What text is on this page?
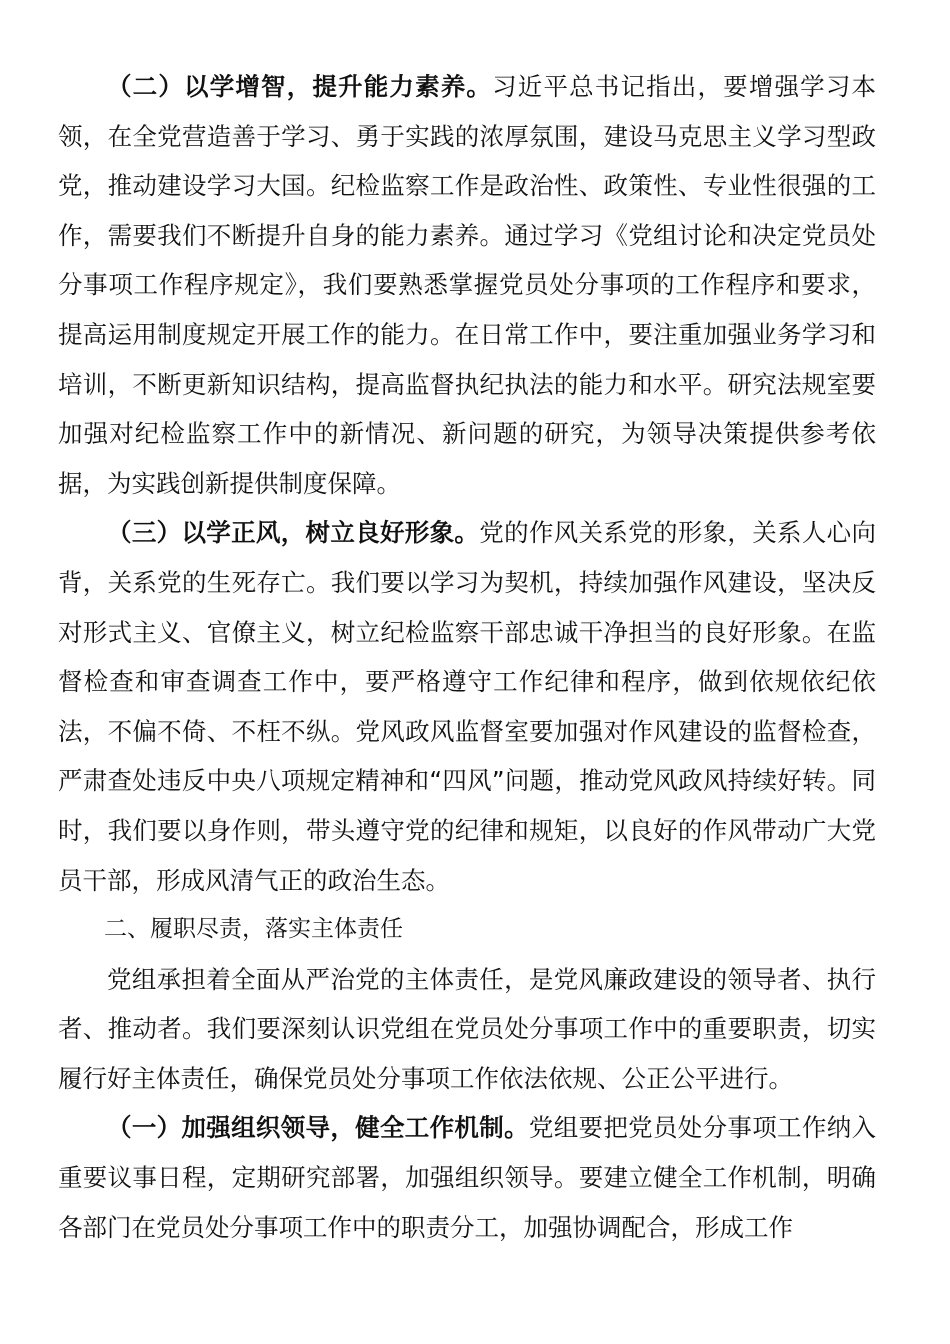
（二）以学增智，提升能力素养。习近平总书记指出，要增强学习本领，在全党营造善于学习、勇于实践的浓厚氛围，建设马克思主义学习型政党，推动建设学习大国。纪检监察工作是政治性、政策性、专业性很强的工作，需要我们不断提升自身的能力素养。通过学习《党组讨论和决定党员处分事项工作程序规定》，我们要熟悉掌握党员处分事项的工作程序和要求，提高运用制度规定开展工作的能力。在日常工作中，要注重加强业务学习和培训，不断更新知识结构，提高监督执纪执法的能力和水平。研究法规室要加强对纪检监察工作中的新情况、新问题的研究，为领导决策提供参考依据，为实践创新提供制度保障。

（三）以学正风，树立良好形象。党的作风关系党的形象，关系人心向背，关系党的生死存亡。我们要以学习为契机，持续加强作风建设，坚决反对形式主义、官僚主义，树立纪检监察干部忠诚干净担当的良好形象。在监督检查和审查调查工作中，要严格遵守工作纪律和程序，做到依规依纪依法，不偏不倚、不枉不纵。党风政风监督室要加强对作风建设的监督检查，严肃查处违反中央八项规定精神和“四风”问题，推动党风政风持续好转。同时，我们要以身作则，带头遵守党的纪律和规矩，以良好的作风带动广大党员干部，形成风清气正的政治生态。

二、履职尽责，落实主体责任

党组承担着全面从严治党的主体责任，是党风廉政建设的领导者、执行者、推动者。我们要深刻认识党组在党员处分事项工作中的重要职责，切实履行好主体责任，确保党员处分事项工作依法依规、公正公平进行。

（一）加强组织领导，健全工作机制。党组要把党员处分事项工作纳入重要议事日程，定期研究部署，加强组织领导。要建立健全工作机制，明确各部门在党员处分事项工作中的职责分工，加强协调配合，形成工作
